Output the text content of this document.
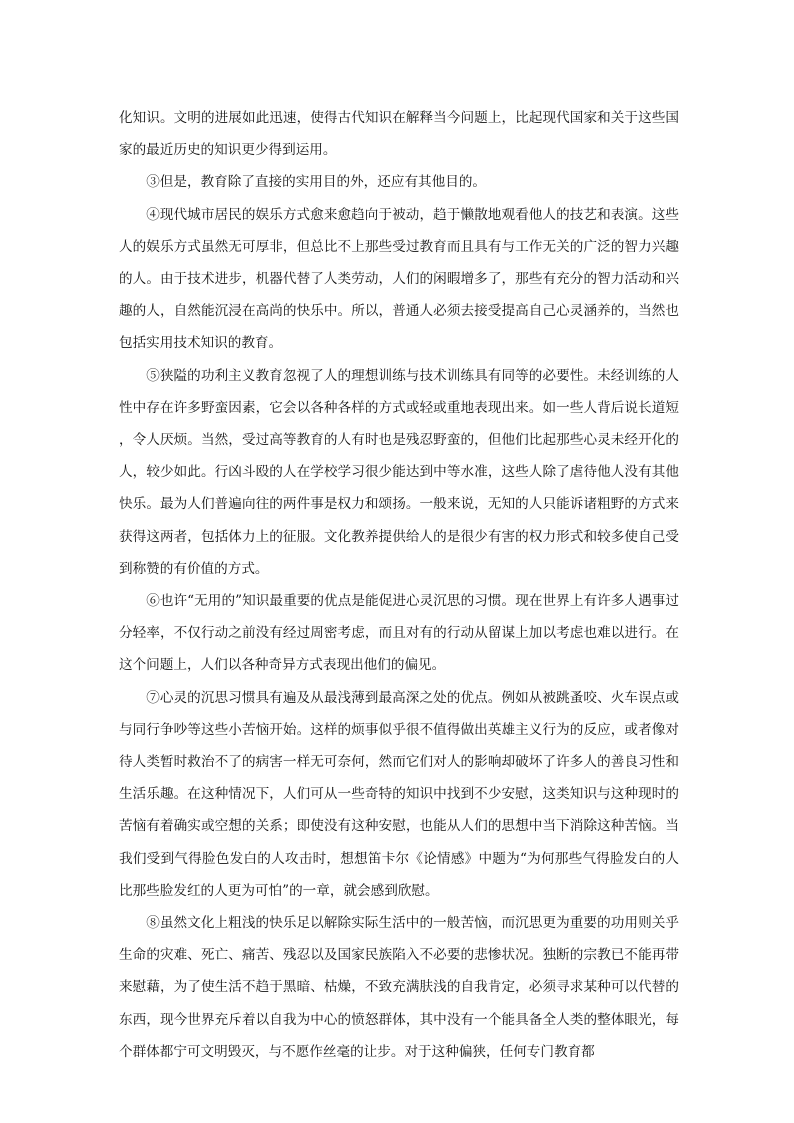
化知识。文明的进展如此迅速，使得古代知识在解释当今问题上，比起现代国家和关于这些国家的最近历史的知识更少得到运用。

③但是，教育除了直接的实用目的外，还应有其他目的。

④现代城市居民的娱乐方式愈来愈趋向于被动，趋于懒散地观看他人的技艺和表演。这些人的娱乐方式虽然无可厚非，但总比不上那些受过教育而且具有与工作无关的广泛的智力兴趣的人。由于技术进步，机器代替了人类劳动，人们的闲暇增多了，那些有充分的智力活动和兴趣的人，自然能沉浸在高尚的快乐中。所以，普通人必须去接受提高自己心灵涵养的，当然也包括实用技术知识的教育。

⑤狭隘的功利主义教育忽视了人的理想训练与技术训练具有同等的必要性。未经训练的人性中存在许多野蛮因素，它会以各种各样的方式或轻或重地表现出来。如一些人背后说长道短，令人厌烦。当然，受过高等教育的人有时也是残忍野蛮的，但他们比起那些心灵未经开化的人，较少如此。行凶斗殴的人在学校学习很少能达到中等水准，这些人除了虐待他人没有其他快乐。最为人们普遍向往的两件事是权力和颂扬。一般来说，无知的人只能诉诸粗野的方式来获得这两者，包括体力上的征服。文化教养提供给人的是很少有害的权力形式和较多使自己受到称赞的有价值的方式。

⑥也许“无用的”知识最重要的优点是能促进心灵沉思的习惯。现在世界上有许多人遇事过分轻率，不仅行动之前没有经过周密考虑，而且对有的行动从留谋上加以考虑也难以进行。在这个问题上，人们以各种奇异方式表现出他们的偏见。

⑦心灵的沉思习惯具有遍及从最浅薄到最高深之处的优点。例如从被跳蚤咬、火车误点或与同行争吵等这些小苦恼开始。这样的烦事似乎很不值得做出英雄主义行为的反应，或者像对待人类暂时救治不了的病害一样无可奈何，然而它们对人的影响却破坏了许多人的善良习性和生活乐趣。在这种情况下，人们可从一些奇特的知识中找到不少安慰，这类知识与这种现时的苦恼有着确实或空想的关系；即使没有这种安慰，也能从人们的思想中当下消除这种苦恼。当我们受到气得脸色发白的人攻击时，想想笛卡尔《论情感》中题为“为何那些气得脸发白的人比那些脸发红的人更为可怕”的一章，就会感到欣慰。

⑧虽然文化上粗浅的快乐足以解除实际生活中的一般苦恼，而沉思更为重要的功用则关乎生命的灾难、死亡、痛苦、残忍以及国家民族陷入不必要的悲惨状况。独断的宗教已不能再带来慰藉，为了使生活不趋于黑暗、枯燥，不致充满肤浅的自我肯定，必须寻求某种可以代替的东西，现今世界充斥着以自我为中心的愤怒群体，其中没有一个能具备全人类的整体眼光，每个群体都宁可文明毁灭，与不愿作丝毫的让步。对于这种偏狭，任何专门教育都
